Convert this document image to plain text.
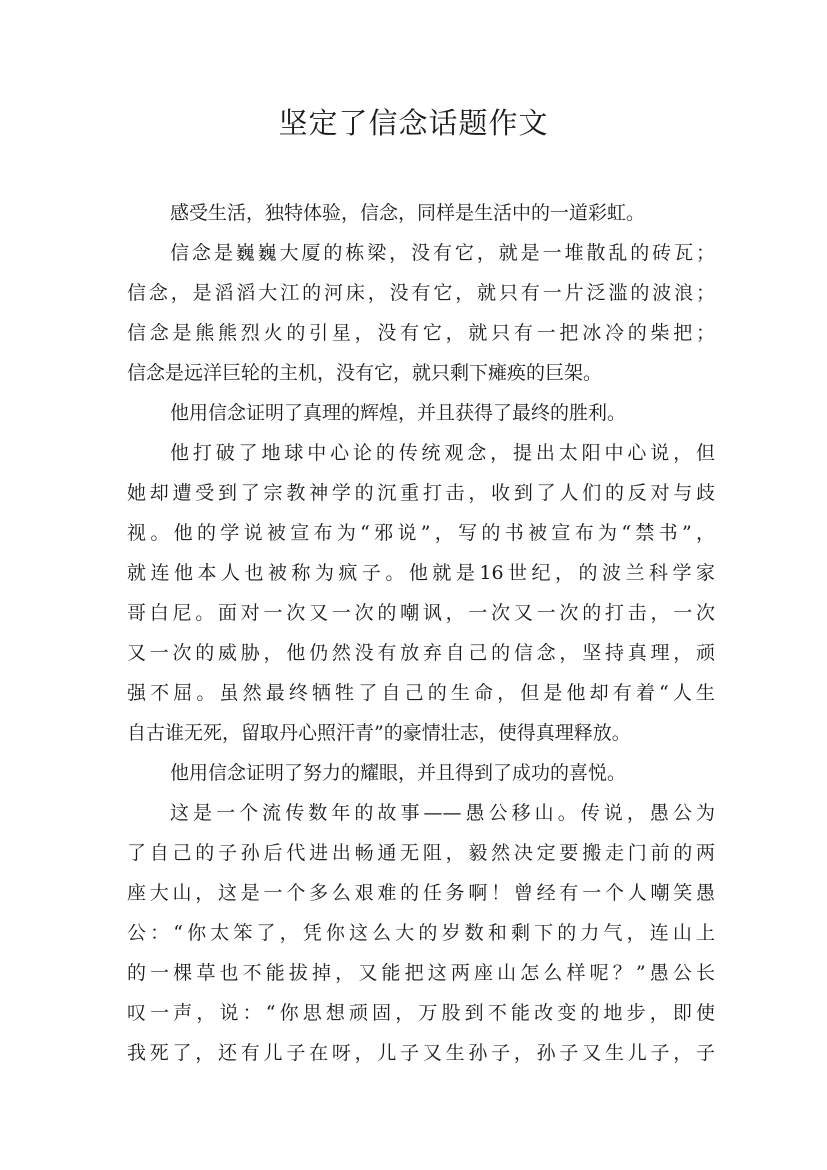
坚定了信念话题作文
感受生活，独特体验，信念，同样是生活中的一道彩虹。
信念是巍巍大厦的栋梁，没有它，就是一堆散乱的砖瓦；
信念，是滔滔大江的河床，没有它，就只有一片泛滥的波浪；
信念是熊熊烈火的引星，没有它，就只有一把冰冷的柴把；
信念是远洋巨轮的主机，没有它，就只剩下瘫痪的巨架。
他用信念证明了真理的辉煌，并且获得了最终的胜利。
他打破了地球中心论的传统观念，提出太阳中心说，但
她却遭受到了宗教神学的沉重打击，收到了人们的反对与歧
视。他的学说被宣布为“邪说”，写的书被宣布为“禁书”，
就连他本人也被称为疯子。他就是16世纪，的波兰科学家
哥白尼。面对一次又一次的嘲讽，一次又一次的打击，一次
又一次的威胁，他仍然没有放弃自己的信念，坚持真理，顽
强不屈。虽然最终牺牲了自己的生命，但是他却有着“人生
自古谁无死，留取丹心照汗青”的豪情壮志，使得真理释放。
他用信念证明了努力的耀眼，并且得到了成功的喜悦。
这是一个流传数年的故事——愚公移山。传说，愚公为
了自己的子孙后代进出畅通无阻，毅然决定要搬走门前的两
座大山，这是一个多么艰难的任务啊！曾经有一个人嘲笑愚
公：“你太笨了，凭你这么大的岁数和剩下的力气，连山上
的一棵草也不能拔掉，又能把这两座山怎么样呢？”愚公长
叹一声，说：“你思想顽固，万股到不能改变的地步，即使
我死了，还有儿子在呀，儿子又生孙子，孙子又生儿子，子
